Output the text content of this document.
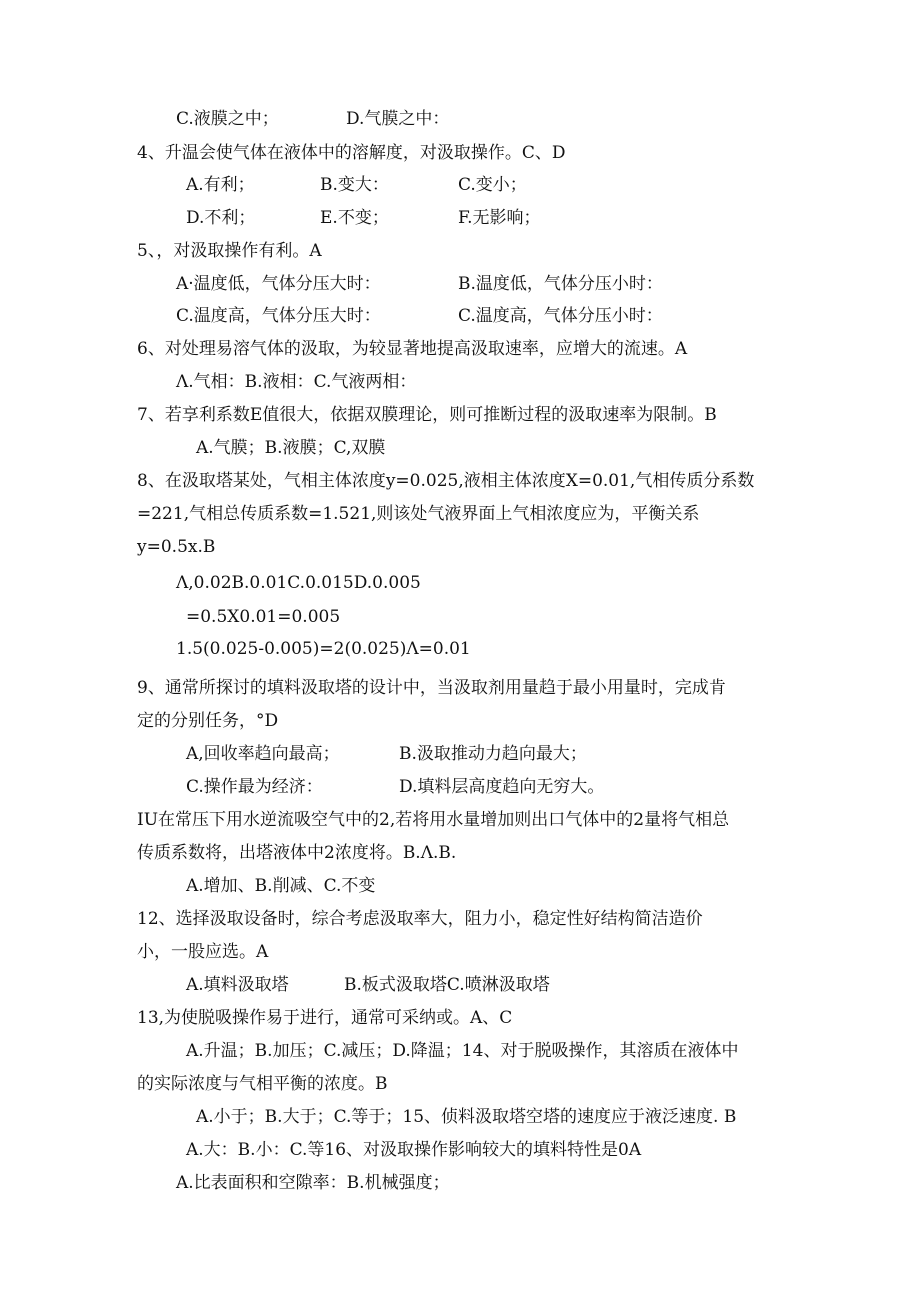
C.液膜之中；	D.气膜之中：
4、升温会使气体在液体中的溶解度，对汲取操作。C、D
A.有利；	B.变大：	C.变小；
D.不利；	E.不变；	F.无影响；
5、，对汲取操作有利。A
A·温度低，气体分压大时：	B.温度低，气体分压小时：
C.温度高，气体分压大时：	C.温度高，气体分压小时：
6、对处理易溶气体的汲取，为较显著地提高汲取速率，应增大的流速。A
Λ.气相：B.液相：C.气液两相：
7、若享利系数E值很大，依据双膜理论，则可推断过程的汲取速率为限制。B
A.气膜；B.液膜；C,双膜
8、在汲取塔某处，气相主体浓度y=0.025,液相主体浓度X=0.01,气相传质分系数
=221,气相总传质系数=1.521,则该处气液界面上气相浓度应为，平衡关系
y=0.5x.B
Λ,0.02B.0.01C.0.015D.0.005
=0.5X0.01=0.005
1.5(0.025-0.005)=2(0.025)Λ=0.01
9、通常所探讨的填料汲取塔的设计中，当汲取剂用量趋于最小用量时，完成肯
定的分别任务，°D
A,回收率趋向最高；	B.汲取推动力趋向最大；
C.操作最为经济：	D.填料层高度趋向无穷大。
IU在常压下用水逆流吸空气中的2,若将用水量增加则出口气体中的2量将气相总
传质系数将，出塔液体中2浓度将。B.Λ.B.
A.增加、B.削减、C.不变
12、选择汲取设备时，综合考虑汲取率大，阻力小，稳定性好结构简洁造价
小，一股应选。A
A.填料汲取塔	B.板式汲取塔C.喷淋汲取塔
13,为使脱吸操作易于进行，通常可采纳或。A、C
A.升温；B.加压；C.减压；D.降温；14、对于脱吸操作，其溶质在液体中
的实际浓度与气相平衡的浓度。B
A.小于；B.大于；C.等于；15、侦料汲取塔空塔的速度应于液泛速度. B
A.大：B.小：C.等16、对汲取操作影响较大的填料特性是0A
A.比表面积和空隙率：B.机械强度；
